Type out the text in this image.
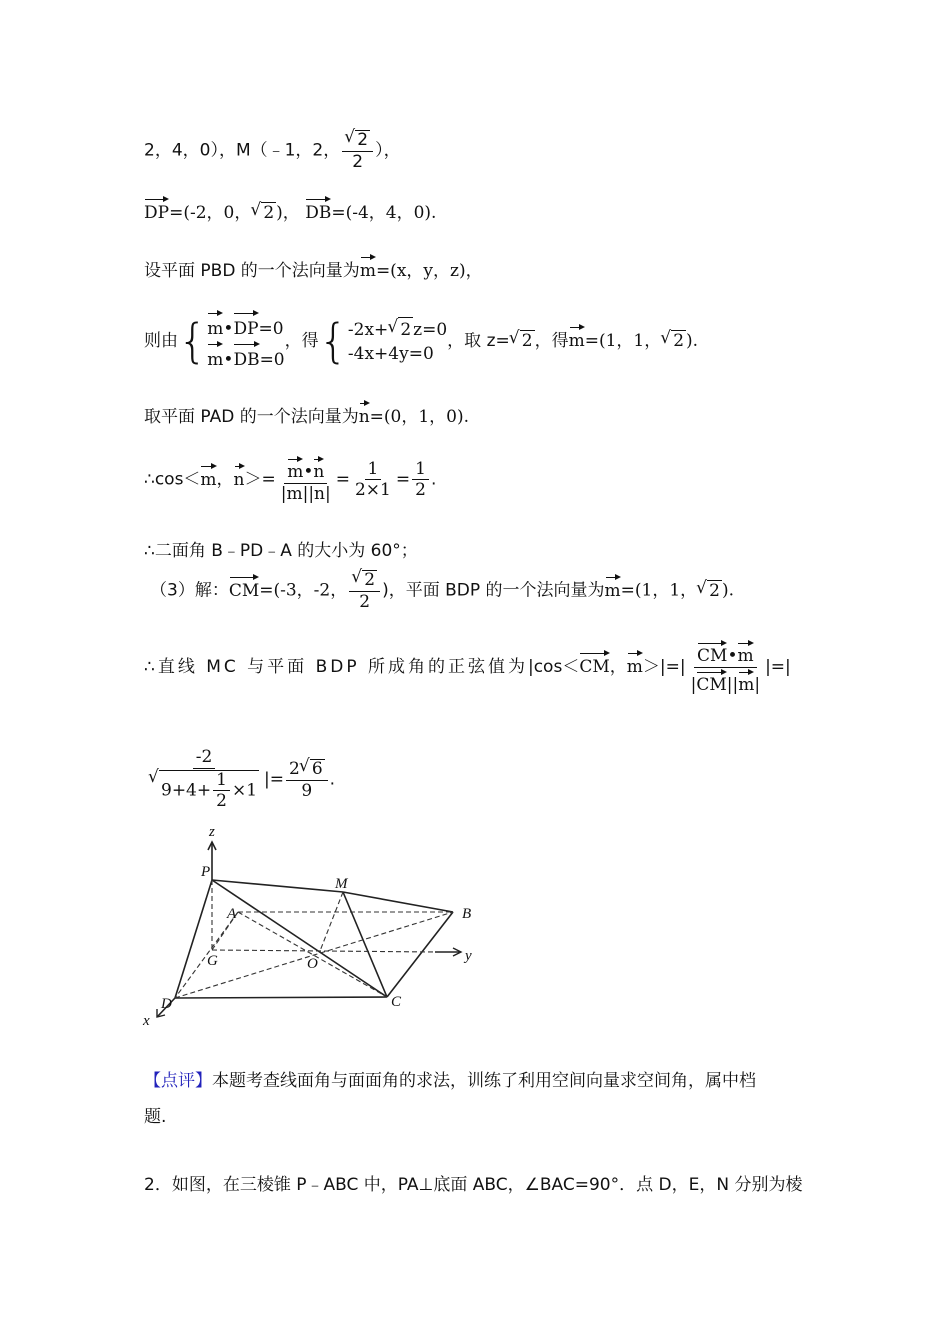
2，4，0），M（﹣1，2， √ $\frac{2}{2}$ ），
DP=(-2，0， √ 2 )， DB=(-4，4，0).
设平面 PBD 的一个法向量为m=(x，y，z)，
则由{ m•DP=0
m•DB=0
，得{ -2x+ √ 2 z=0
-4x+4y=0
，取 z= √ 2 ，得m=(1，1， √ 2 ).
取平面 PAD 的一个法向量为n=(0，1，0).
∴cos＜m，$n>= \frac{m•n}{|m||n|} = \frac{1}{2\times 1} = \frac{1}{2}$ .
∴二面角 B﹣PD﹣A 的大小为 60°；
（3）解：CM=(-3，-2， √ $\frac{2}{2}$ )，平面 BDP 的一个法向量为m=(1，1， √ 2 ).
∴直线 MC 与平面 BDP 所成角的正弦值为|cos＜CM，$m>|=| \frac{CM•m}{|CM||m|}$ |=|
-2
√ $9+4+ \frac{1}{2} \times 1$ |= $\frac{2 √ 6}{9}$ .
z
P
M
A	B
G	O	y
D	C
x
【点评】本题考查线面角与面面角的求法，训练了利用空间向量求空间角，属中档
题.
2．如图，在三棱锥 P﹣ABC 中，PA⊥底面 ABC，∠BAC=90°．点 D，E，N 分别为棱
